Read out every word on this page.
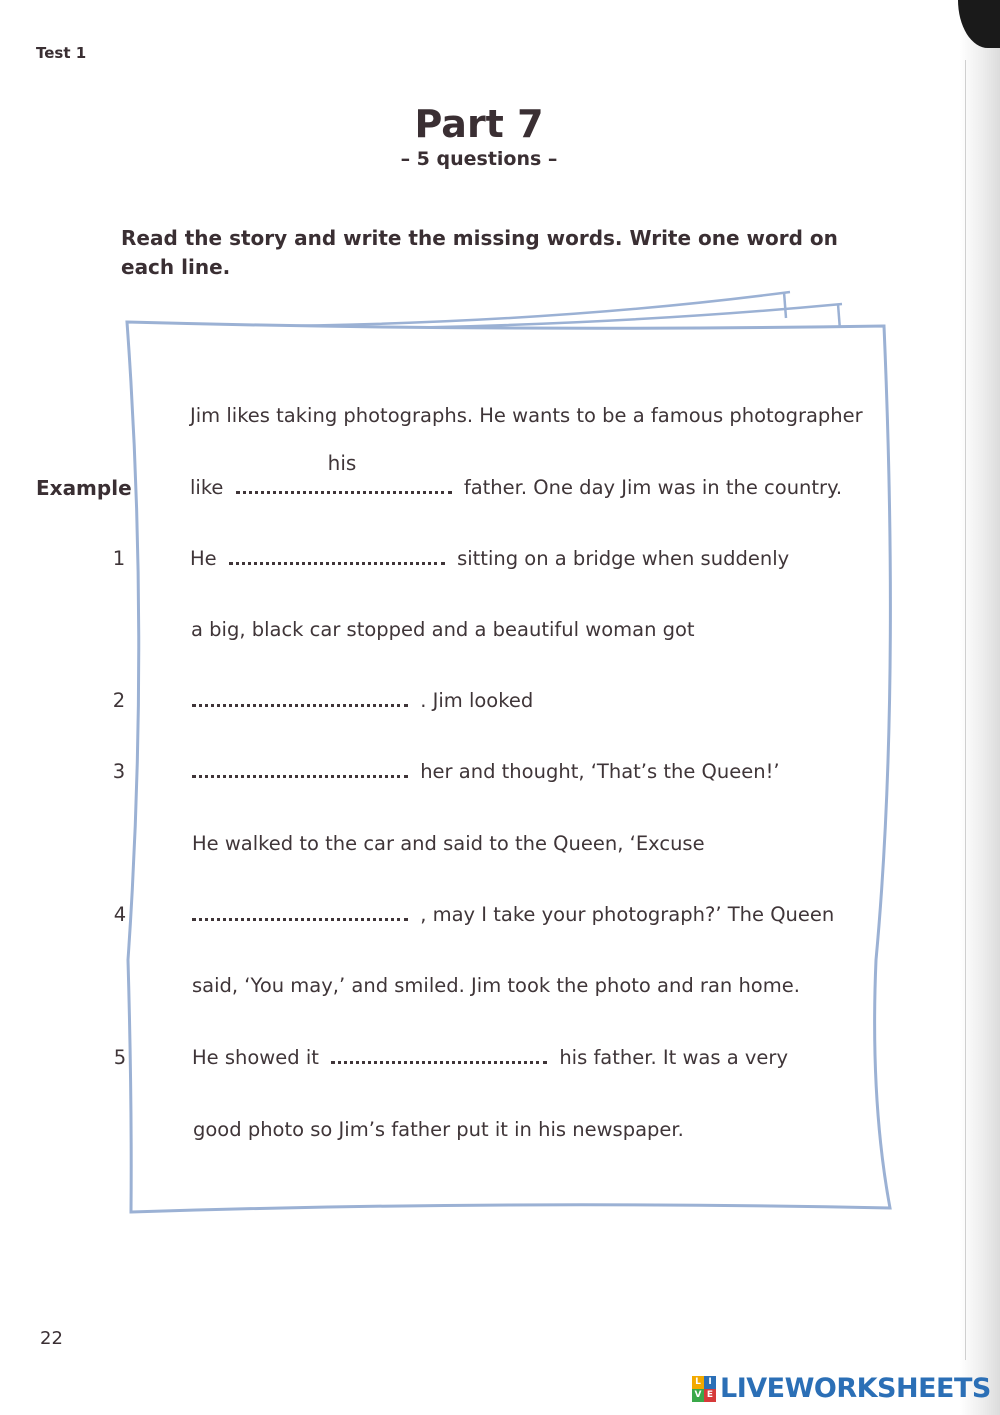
Test 1
Part 7
– 5 questions –
Read the story and write the missing words. Write one word on each line.
Example
Jim likes taking photographs. He wants to be a famous photographer
like
his
father. One day Jim was in the country.
1	He	sitting on a bridge when suddenly
a big, black car stopped and a beautiful woman got
2	. Jim looked
3	her and thought, ‘That’s the Queen!’
He walked to the car and said to the Queen, ‘Excuse
4	, may I take your photograph?’ The Queen
said, ‘You may,’ and smiled. Jim took the photo and ran home.
5	He showed it	his father. It was a very
good photo so Jim’s father put it in his newspaper.
22
L I
V E LIVEWORKSHEETS
